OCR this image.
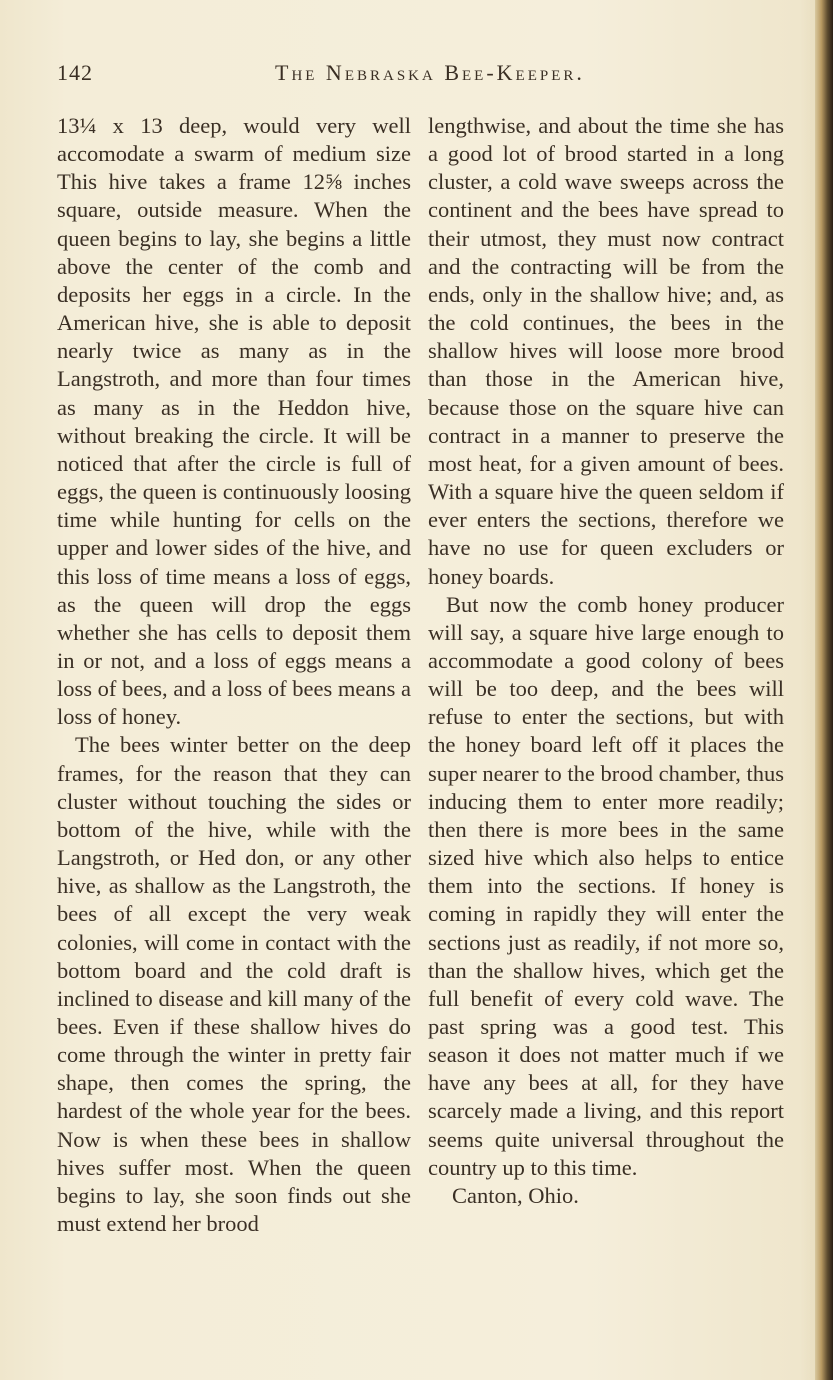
142	The Nebraska Bee-Keeper.

13¼ x 13 deep, would very well accomodate a swarm of medium size This hive takes a frame 12⅝ inches square, outside measure. When the queen begins to lay, she begins a little above the center of the comb and deposits her eggs in a circle. In the American hive, she is able to deposit nearly twice as many as in the Langstroth, and more than four times as many as in the Heddon hive, without breaking the circle. It will be noticed that after the circle is full of eggs, the queen is continuously loosing time while hunting for cells on the upper and lower sides of the hive, and this loss of time means a loss of eggs, as the queen will drop the eggs whether she has cells to deposit them in or not, and a loss of eggs means a loss of bees, and a loss of bees means a loss of honey.

The bees winter better on the deep frames, for the reason that they can cluster without touching the sides or bottom of the hive, while with the Langstroth, or Hed don, or any other hive, as shallow as the Langstroth, the bees of all except the very weak colonies, will come in contact with the bottom board and the cold draft is inclined to disease and kill many of the bees. Even if these shallow hives do come through the winter in pretty fair shape, then comes the spring, the hardest of the whole year for the bees. Now is when these bees in shallow hives suffer most. When the queen begins to lay, she soon finds out she must extend her brood

lengthwise, and about the time she has a good lot of brood started in a long cluster, a cold wave sweeps across the continent and the bees have spread to their utmost, they must now contract and the contracting will be from the ends, only in the shallow hive; and, as the cold continues, the bees in the shallow hives will loose more brood than those in the American hive, because those on the square hive can contract in a manner to preserve the most heat, for a given amount of bees. With a square hive the queen seldom if ever enters the sections, therefore we have no use for queen excluders or honey boards.

But now the comb honey producer will say, a square hive large enough to accommodate a good colony of bees will be too deep, and the bees will refuse to enter the sections, but with the honey board left off it places the super nearer to the brood chamber, thus inducing them to enter more readily; then there is more bees in the same sized hive which also helps to entice them into the sections. If honey is coming in rapidly they will enter the sections just as readily, if not more so, than the shallow hives, which get the full benefit of every cold wave. The past spring was a good test. This season it does not matter much if we have any bees at all, for they have scarcely made a living, and this report seems quite universal throughout the country up to this time.

Canton, Ohio.
